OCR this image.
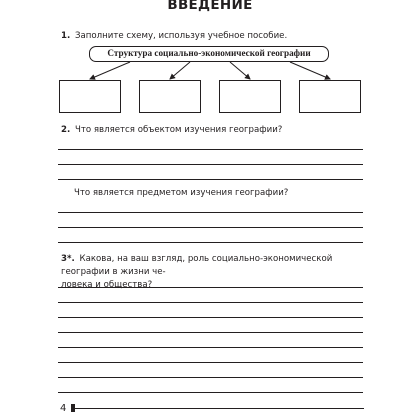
ВВЕДЕНИЕ
1. Заполните схему, используя учебное пособие.
Структура социально-экономической географии
2. Что является объектом изучения географии?
Что является предметом изучения географии?
3*. Какова, на ваш взгляд, роль социально-экономической географии в жизни че-
ловека и общества?
4
